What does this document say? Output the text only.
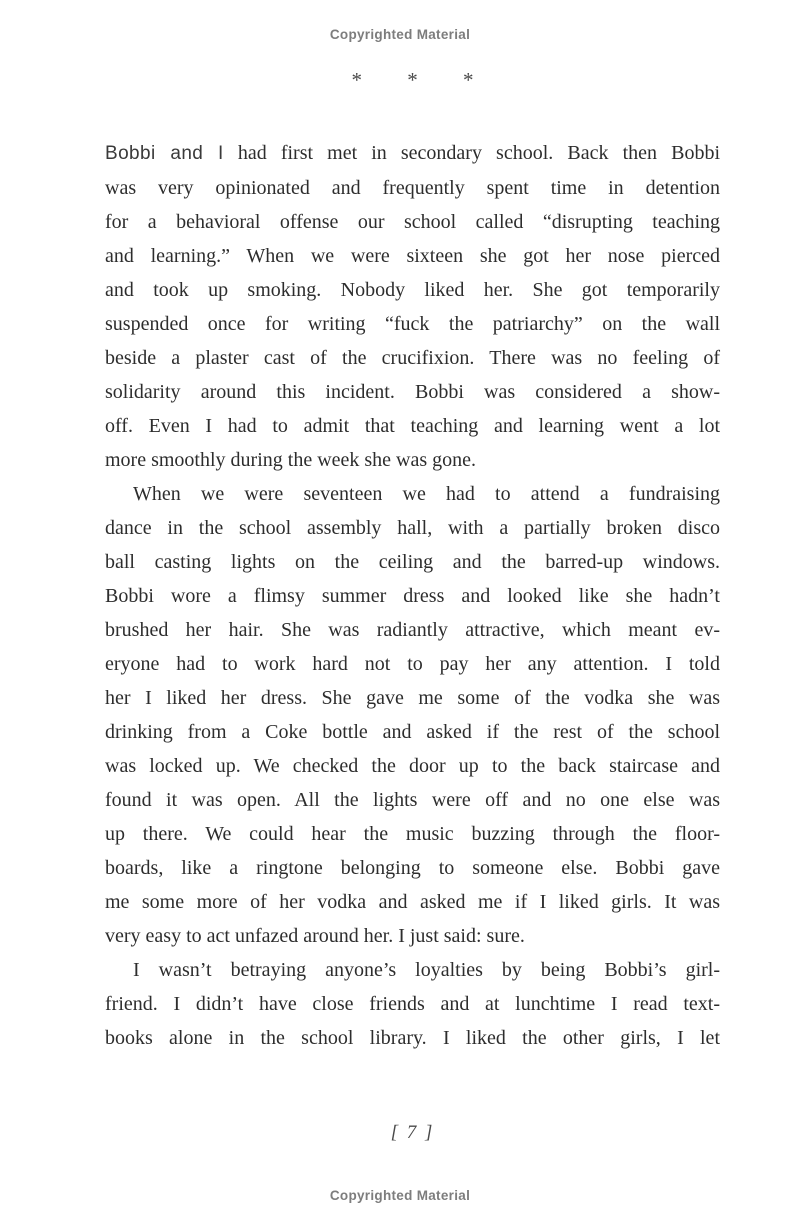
Copyrighted Material
* * *
Bobbi and I had first met in secondary school. Back then Bobbi
was very opinionated and frequently spent time in detention
for a behavioral offense our school called “disrupting teaching
and learning.” When we were sixteen she got her nose pierced
and took up smoking. Nobody liked her. She got temporarily
suspended once for writing “fuck the patriarchy” on the wall
beside a plaster cast of the crucifixion. There was no feeling of
solidarity around this incident. Bobbi was considered a show-
off. Even I had to admit that teaching and learning went a lot
more smoothly during the week she was gone.
When we were seventeen we had to attend a fundraising
dance in the school assembly hall, with a partially broken disco
ball casting lights on the ceiling and the barred-up windows.
Bobbi wore a flimsy summer dress and looked like she hadn’t
brushed her hair. She was radiantly attractive, which meant ev-
eryone had to work hard not to pay her any attention. I told
her I liked her dress. She gave me some of the vodka she was
drinking from a Coke bottle and asked if the rest of the school
was locked up. We checked the door up to the back staircase and
found it was open. All the lights were off and no one else was
up there. We could hear the music buzzing through the floor-
boards, like a ringtone belonging to someone else. Bobbi gave
me some more of her vodka and asked me if I liked girls. It was
very easy to act unfazed around her. I just said: sure.
I wasn’t betraying anyone’s loyalties by being Bobbi’s girl-
friend. I didn’t have close friends and at lunchtime I read text-
books alone in the school library. I liked the other girls, I let
[ 7 ]
Copyrighted Material
